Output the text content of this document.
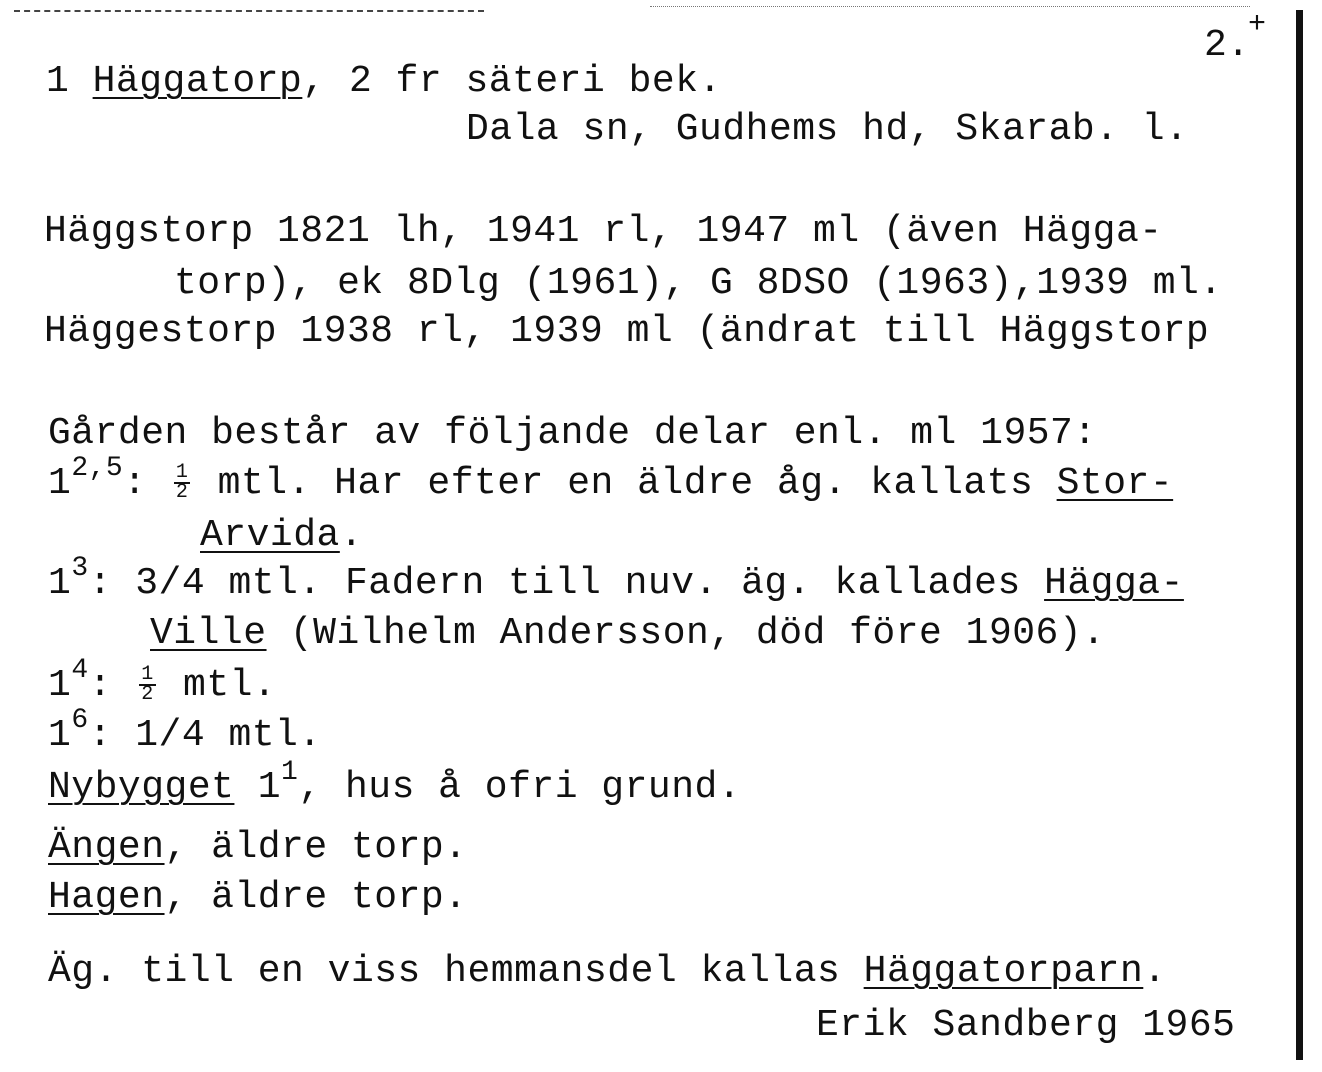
2.
+
1 Häggatorp, 2 fr säteri bek.
Dala sn, Gudhems hd, Skarab. l.
Häggstorp 1821 lh, 1941 rl, 1947 ml (även Hägga-
torp), ek 8Dlg (1961), G 8DSO (1963),1939 ml.
Häggestorp 1938 rl, 1939 ml (ändrat till Häggstorp
Gården består av följande delar enl. ml 1957:
1$^{2,5}$: $\frac{1}{2}$ mtl. Har efter en äldre åg. kallats Stor-
Arvida.
$1^3$: 3/4 mtl. Fadern till nuv. äg. kallades Hägga-
Ville (Wilhelm Andersson, död före 1906).
$1^4$: $\frac{1}{2}$ mtl.
$1^6$: 1/4 mtl.
Nybygget $1^1$, hus å ofri grund.
Ängen, äldre torp.
Hagen, äldre torp.
Äg. till en viss hemmansdel kallas Häggatorparn.
Erik Sandberg 1965
